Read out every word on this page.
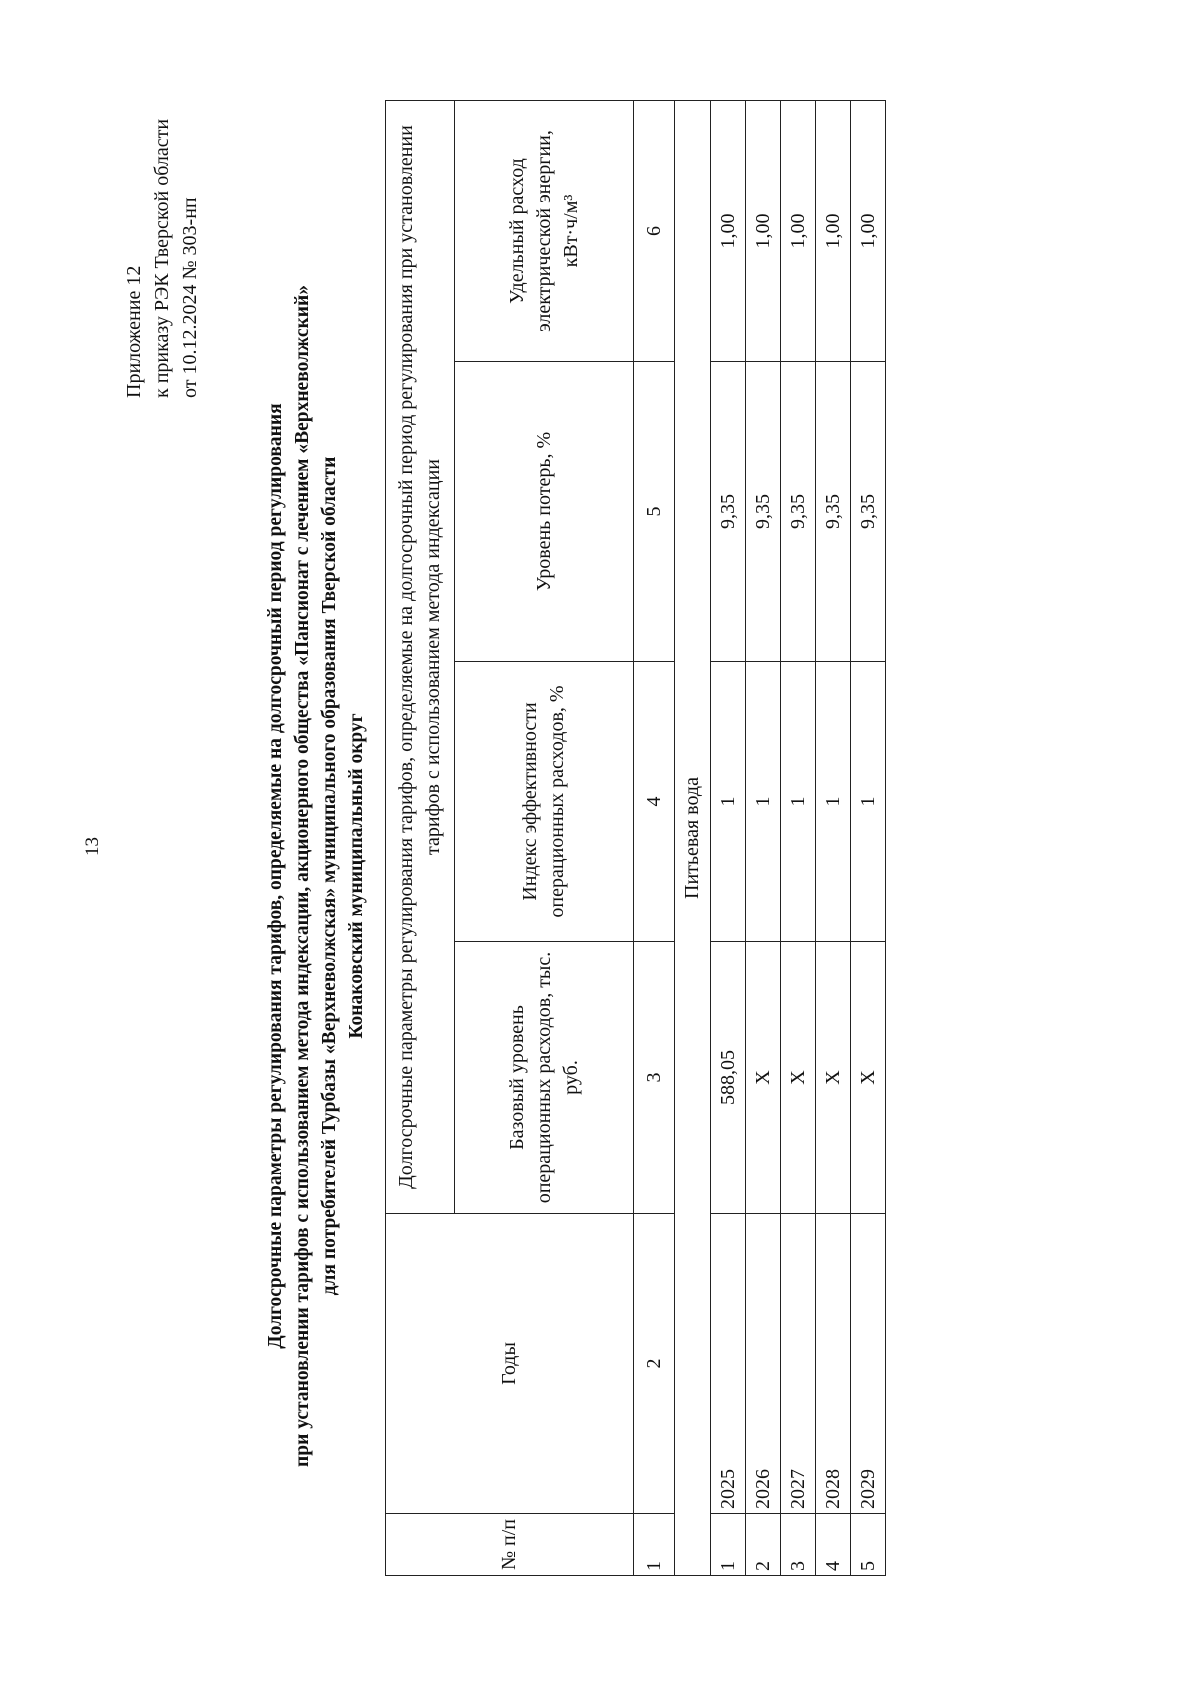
13
Приложение 12 к приказу РЭК Тверской области от 10.12.2024 № 303-нп
Долгосрочные параметры регулирования тарифов, определяемые на долгосрочный период регулирования при установлении тарифов с использованием метода индексации, акционерного общества «Пансионат с лечением «Верхневолжский» для потребителей Турбазы «Верхневолжская» муниципального образования Тверской области Конаковский муниципальный округ
№ п/п	Годы	Долгосрочные параметры регулирования тарифов, определяемые на долгосрочный период регулирования при установлении тарифов с использованием метода индексации			
		Базовый уровень операционных расходов, тыс. руб.	Индекс эффективности операционных расходов, %	Уровень потерь, %	Удельный расход электрической энергии, кВт·ч/м³
1	2	3	4	5	6
Питьевая вода					
1	2025	588,05	1	9,35	1,00
2	2026	Х	1	9,35	1,00
3	2027	Х	1	9,35	1,00
4	2028	Х	1	9,35	1,00
5	2029	Х	1	9,35	1,00
